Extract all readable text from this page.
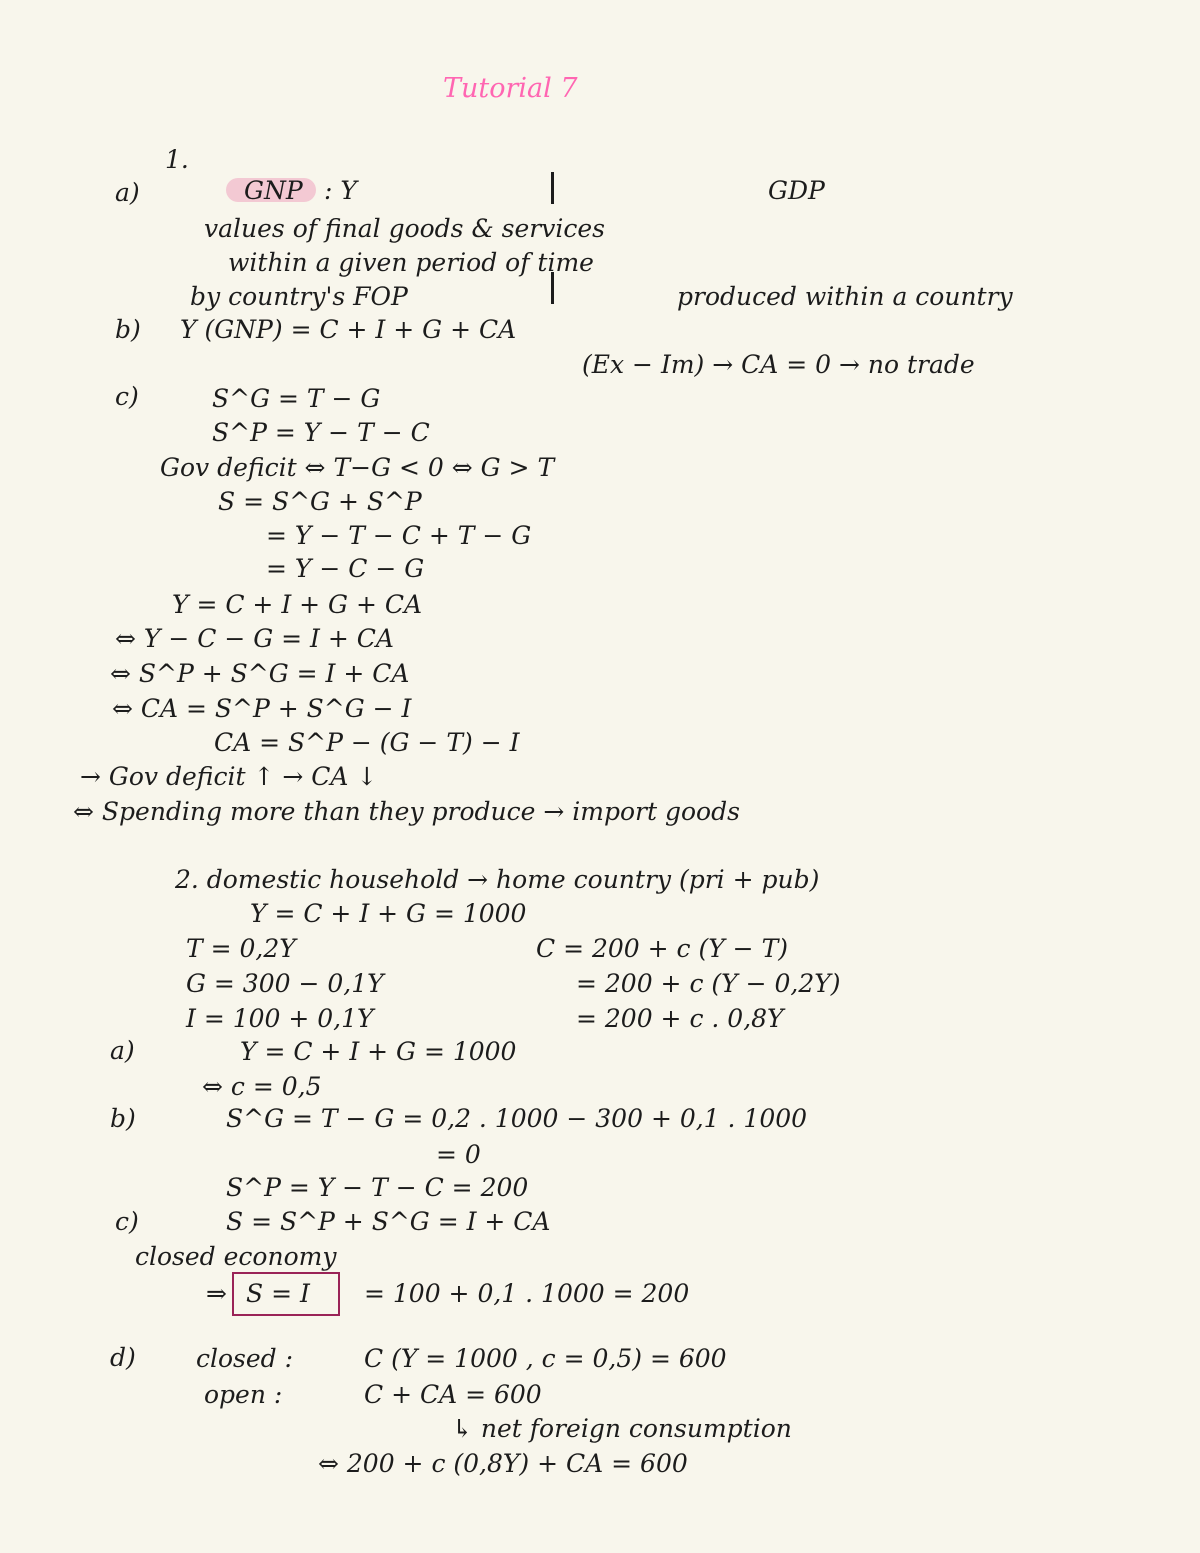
Tutorial 7
1.
a)	GNP : Y	GDP
values of final goods & services
within a given period of time
by country's FOP	produced within a country
b) Y (GNP) = C + I + G + CA
(Ex − Im) → CA = 0 → no trade
c)	S^G = T − G
S^P = Y − T − C
Gov deficit ⇔ T−G < 0 ⇔ G > T
S = S^G + S^P
= Y − T − C + T − G
= Y − C − G
Y = C + I + G + CA
⇔ Y − C − G = I + CA
⇔ S^P + S^G = I + CA
⇔ CA = S^P + S^G − I
CA = S^P − (G − T) − I
→ Gov deficit ↑ → CA ↓
⇔ Spending more than they produce → import goods
2. domestic household → home country (pri + pub)
Y = C + I + G = 1000
T = 0,2Y	C = 200 + c (Y − T)
G = 300 − 0,1Y	= 200 + c (Y − 0,2Y)
I = 100 + 0,1Y	= 200 + c . 0,8Y
a)	Y = C + I + G = 1000
⇔ c = 0,5
b)	S^G = T − G = 0,2 . 1000 − 300 + 0,1 . 1000
= 0
S^P = Y − T − C = 200
c)	S = S^P + S^G = I + CA
closed economy
⇒ S = I = 100 + 0,1 . 1000 = 200
d) closed :	C (Y = 1000 , c = 0,5) = 600
open :	C + CA = 600
↳ net foreign consumption
⇔ 200 + c (0,8Y) + CA = 600
